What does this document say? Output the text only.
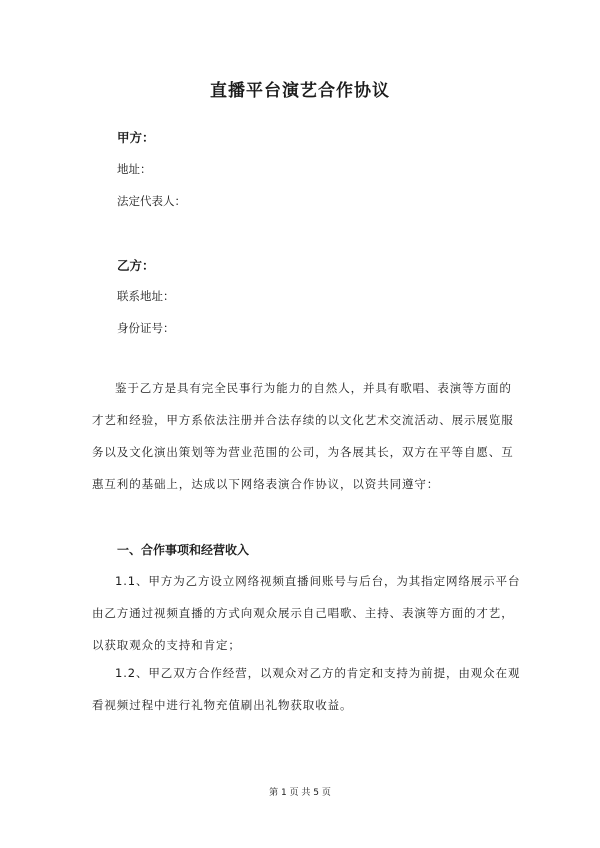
直播平台演艺合作协议

甲方：

地址：

法定代表人：

乙方：

联系地址：

身份证号：

鉴于乙方是具有完全民事行为能力的自然人，并具有歌唱、表演等方面的

才艺和经验，甲方系依法注册并合法存续的以文化艺术交流活动、展示展览服

务以及文化演出策划等为营业范围的公司，为各展其长，双方在平等自愿、互

惠互利的基础上，达成以下网络表演合作协议，以资共同遵守：

一、合作事项和经营收入

1.1、甲方为乙方设立网络视频直播间账号与后台，为其指定网络展示平台

由乙方通过视频直播的方式向观众展示自己唱歌、主持、表演等方面的才艺，

以获取观众的支持和肯定；

1.2、甲乙双方合作经营，以观众对乙方的肯定和支持为前提，由观众在观

看视频过程中进行礼物充值刷出礼物获取收益。

第 1 页 共 5 页
